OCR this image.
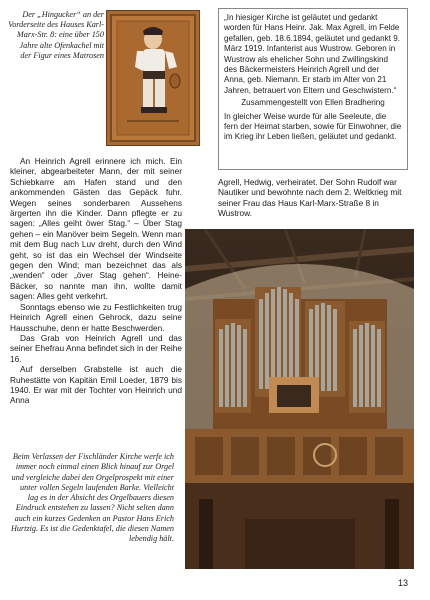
Der „Hingucker“ an der Vorderseite des Hauses Karl-Marx-Str. 8: eine über 150 Jahre alte Ofenkachel mit der Figur eines Matrosen

„In hiesiger Kirche ist geläutet und gedankt worden für Hans Heinr. Jak. Max Agrell, im Felde gefallen, geb. 18.6.1894, geläutet und gedankt 9. März 1919. Infanterist aus Wustrow. Geboren in Wustrow als ehelicher Sohn und Zwillingskind des Bäckermeisters Heinrich Agrell und der Anna, geb. Niemann. Er starb im Alter von 21 Jahren, betrauert von Eltern und Geschwistern.“

Zusammengestellt von Ellen Bradhering

In gleicher Weise wurde für alle Seeleute, die fern der Heimat starben, sowie für Einwohner, die im Krieg ihr Leben ließen, geläutet und gedankt.

An Heinrich Agrell erinnere ich mich. Ein kleiner, abgearbeiteter Mann, der mit seiner Schiebkarre am Hafen stand und den ankommenden Gästen das Gepäck fuhr. Wegen seines sonderbaren Aussehens ärgerten ihn die Kinder. Dann pflegte er zu sagen: „Alles geiht öwer Stag.“ – Über Stag gehen – ein Manöver beim Segeln. Wenn man mit dem Bug nach Luv dreht, durch den Wind geht, so ist das ein Wechsel der Windseite gegen den Wind; man bezeichnet das als „wenden“ oder „över Stag gehen“. Heine-Bäcker, so nannte man ihn, wollte damit sagen: Alles geht verkehrt.

Sonntags ebenso wie zu Festlichkeiten trug Heinrich Agrell einen Gehrock, dazu seine Hausschuhe, denn er hatte Beschwerden.

Das Grab von Heinrich Agrell und das seiner Ehefrau Anna befindet sich in der Reihe 16.

Auf derselben Grabstelle ist auch die Ruhestätte von Kapitän Emil Loeder, 1879 bis 1940. Er war mit der Tochter von Heinrich und Anna

Agrell, Hedwig, verheiratet. Der Sohn Rudolf war Nautiker und bewohnte nach dem 2. Weltkrieg mit seiner Frau das Haus Karl-Marx-Straße 8 in Wustrow.
Beim Verlassen der Fischländer Kirche werfe ich immer noch einmal einen Blick hinauf zur Orgel und vergleiche dabei den Orgelprospekt mit einer unter vollen Segeln laufenden Barke. Vielleicht lag es in der Absicht des Orgelbauers diesen Eindruck entstehen zu lassen? Nicht selten dann auch ein kurzes Gedenken an Pastor Hans Erich Hurtzig. Es ist die Gedenktafel, die diesen Namen lebendig hält.
13
